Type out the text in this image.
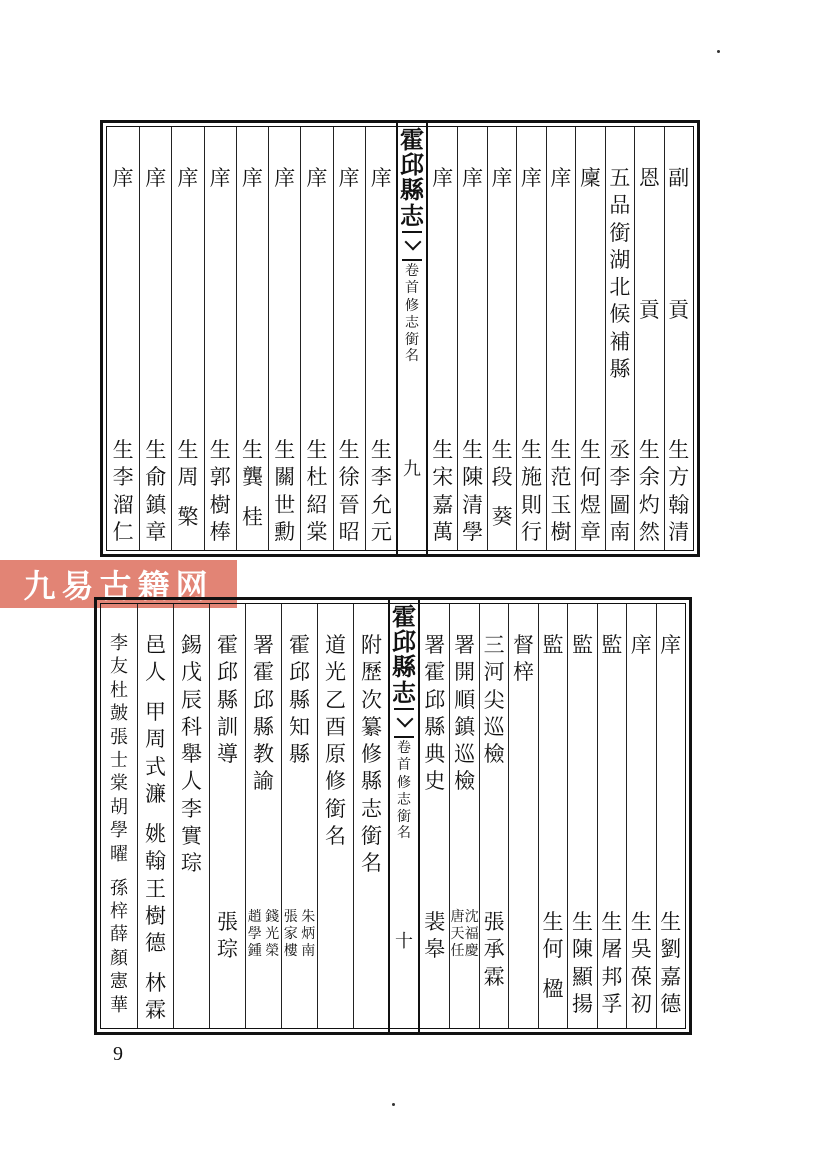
九易古籍网
9
庠
生
李
溜
仁
庠
生
俞
鎮
章
庠
生
周

檠
庠
生
郭
樹
棒
庠
生
龔

桂
庠
生
關
世
勳
庠
生
杜
紹
棠
庠
生
徐
晉
昭
庠
生
李
允
元
霍
邱
縣
志
卷
首
修
志
銜
名
九
庠
生
宋
嘉
萬
庠
生
陳
清
學
庠
生
段

葵
庠
生
施
則
行
庠
生
范
玉
樹
廩
生
何
煜
章
五
品
銜
湖
北
候
補
縣
丞
李
圖
南
恩
貢
生
余
灼
然
副
貢
生
方
翰
清
李
友
杜
皷
張
士
棠
胡
學
曜

孫
梓
薛
顏
憲
華
邑
人

甲
周
式
濂

姚
翰
王
樹
德

林
霖
錫
戊
辰
科
舉
人
李
實
琮
霍
邱
縣
訓
導
張
琮
署
霍
邱
縣
教
諭
趙
學
鍾
錢
光
榮
霍
邱
縣
知
縣
張
家
樓
朱
炳
南
道
光
乙
酉
原
修
銜
名
附
歷
次
纂
修
縣
志
銜
名
霍
邱
縣
志
卷
首
修
志
銜
名
十
署
霍
邱
縣
典
史
裴
皋
署
開
順
鎮
巡
檢
唐
天
任
沈
福
慶
三
河
尖
巡
檢
張
承
霖
督
梓
監
生
何

楹
監
生
陳
顯
揚
監
生
屠
邦
孚
庠
生
吳
葆
初
庠
生
劉
嘉
德
